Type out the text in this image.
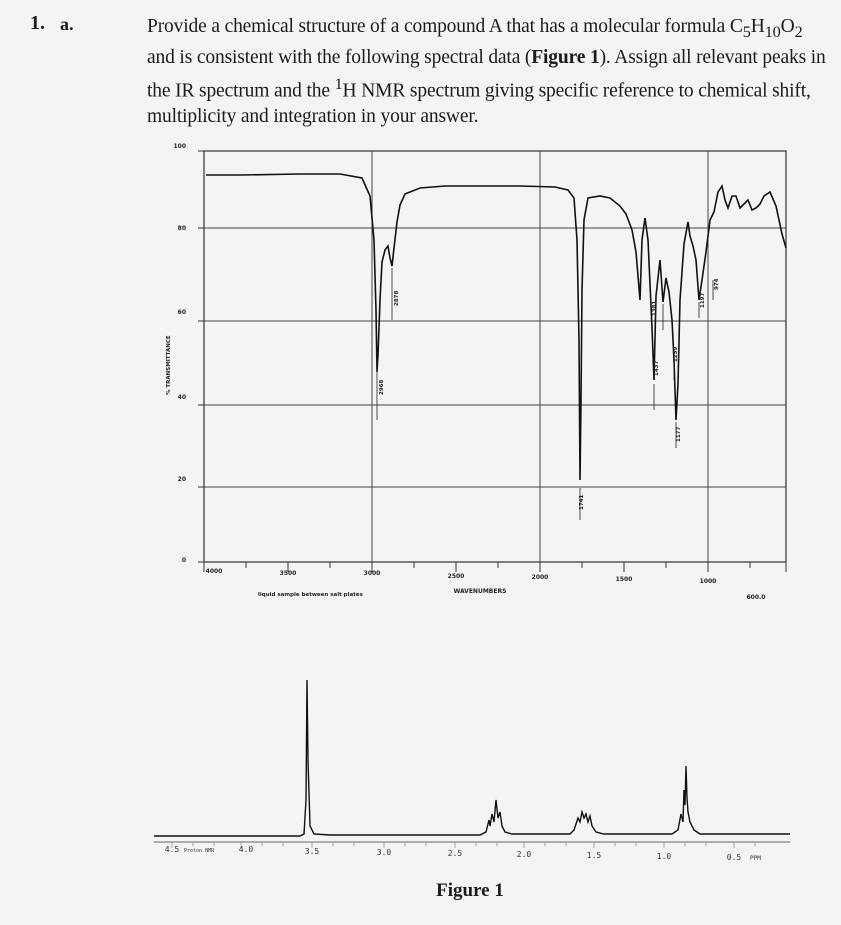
1. a.	Provide a chemical structure of a compound A that has a molecular formula $C_5H_{10}O_2$ and is consistent with the following spectral data (Figure 1). Assign all relevant peaks in the IR spectrum and the $^1$H NMR spectrum giving specific reference to chemical shift, multiplicity and integration in your answer.
100
80
60
40
20
0
% TRANSMITTANCE
4000	3500	3000	2500	2000	1500	1000
WAVENUMBERS
liquid sample between salt plates	600.0
2968
2878
1741
1437
1381
1259
1197
1177
974
4.5 Proton NMR	4.0	3.5	3.0	2.5	2.0	1.5	1.0	0.5 PPM
Figure 1
